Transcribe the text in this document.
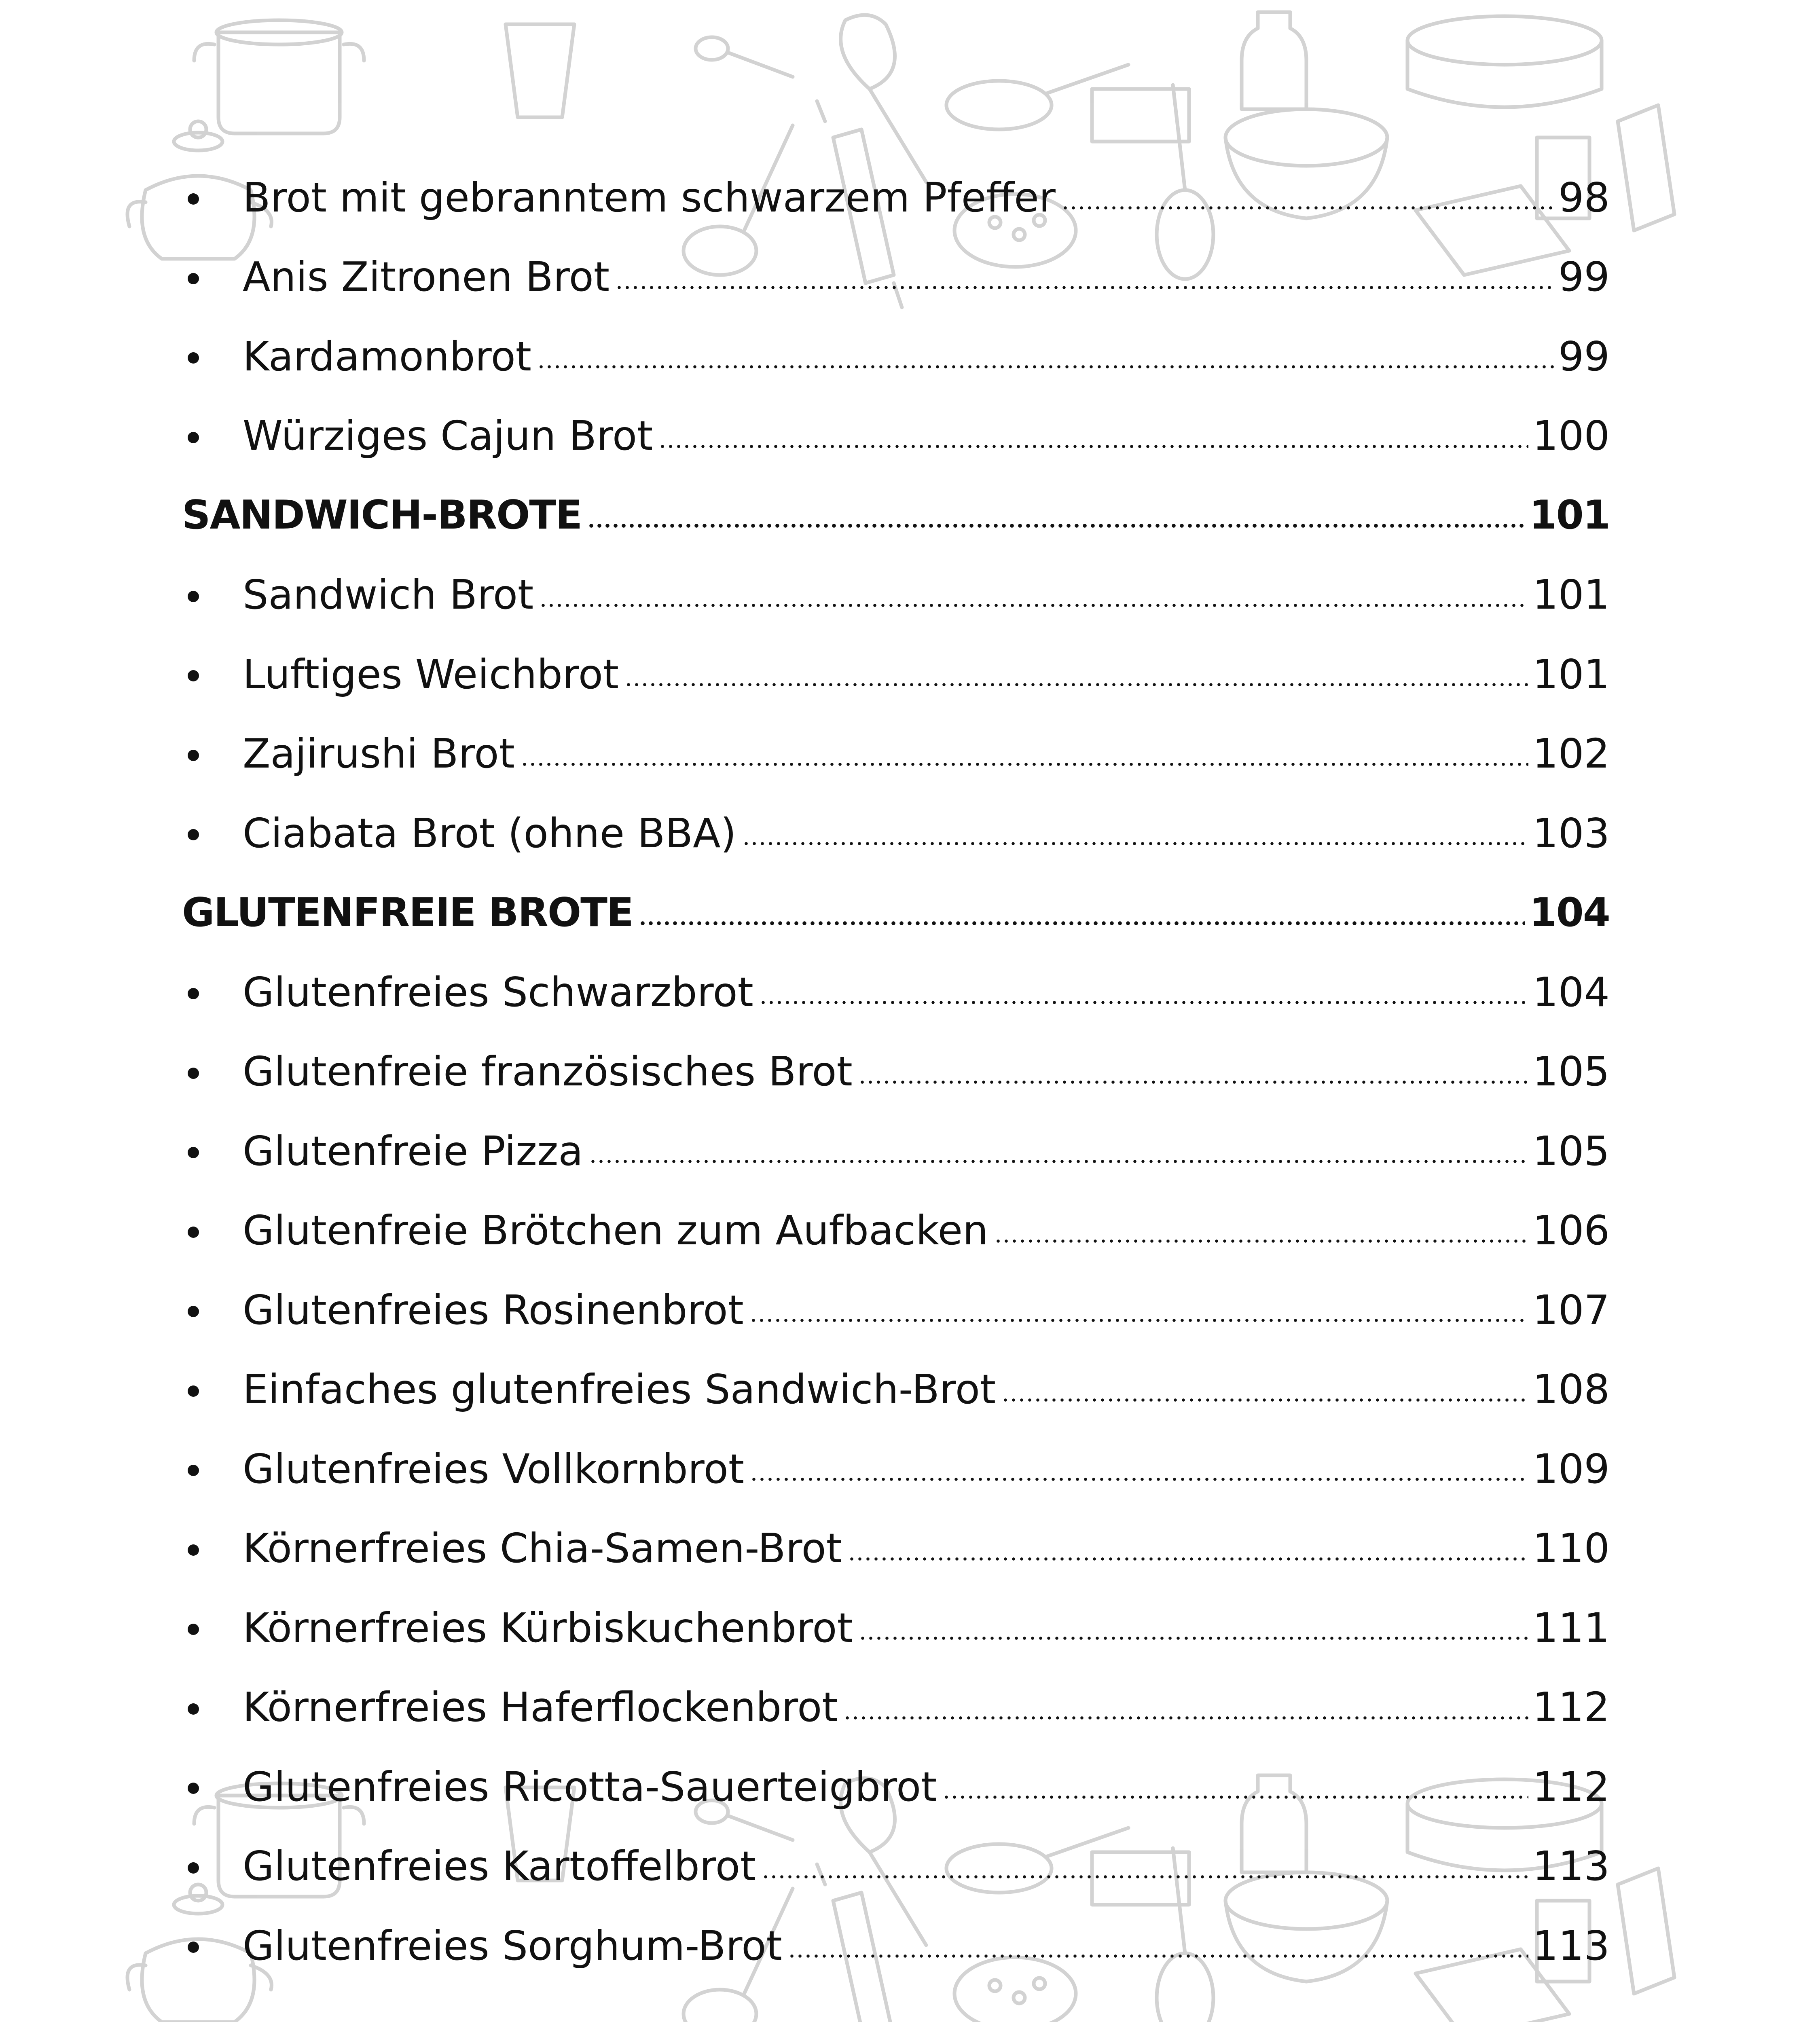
Brot mit gebranntem schwarzem Pfeffer	98
Anis Zitronen Brot	99
Kardamonbrot	99
Würziges Cajun Brot	100
SANDWICH-BROTE	101
Sandwich Brot	101
Luftiges Weichbrot	101
Zajirushi Brot	102
Ciabata Brot (ohne BBA)	103
GLUTENFREIE BROTE	104
Glutenfreies Schwarzbrot	104
Glutenfreie französisches Brot	105
Glutenfreie Pizza	105
Glutenfreie Brötchen zum Aufbacken	106
Glutenfreies Rosinenbrot	107
Einfaches glutenfreies Sandwich-Brot	108
Glutenfreies Vollkornbrot	109
Körnerfreies Chia-Samen-Brot	110
Körnerfreies Kürbiskuchenbrot	111
Körnerfreies Haferflockenbrot	112
Glutenfreies Ricotta-Sauerteigbrot	112
Glutenfreies Kartoffelbrot	113
Glutenfreies Sorghum-Brot	113
